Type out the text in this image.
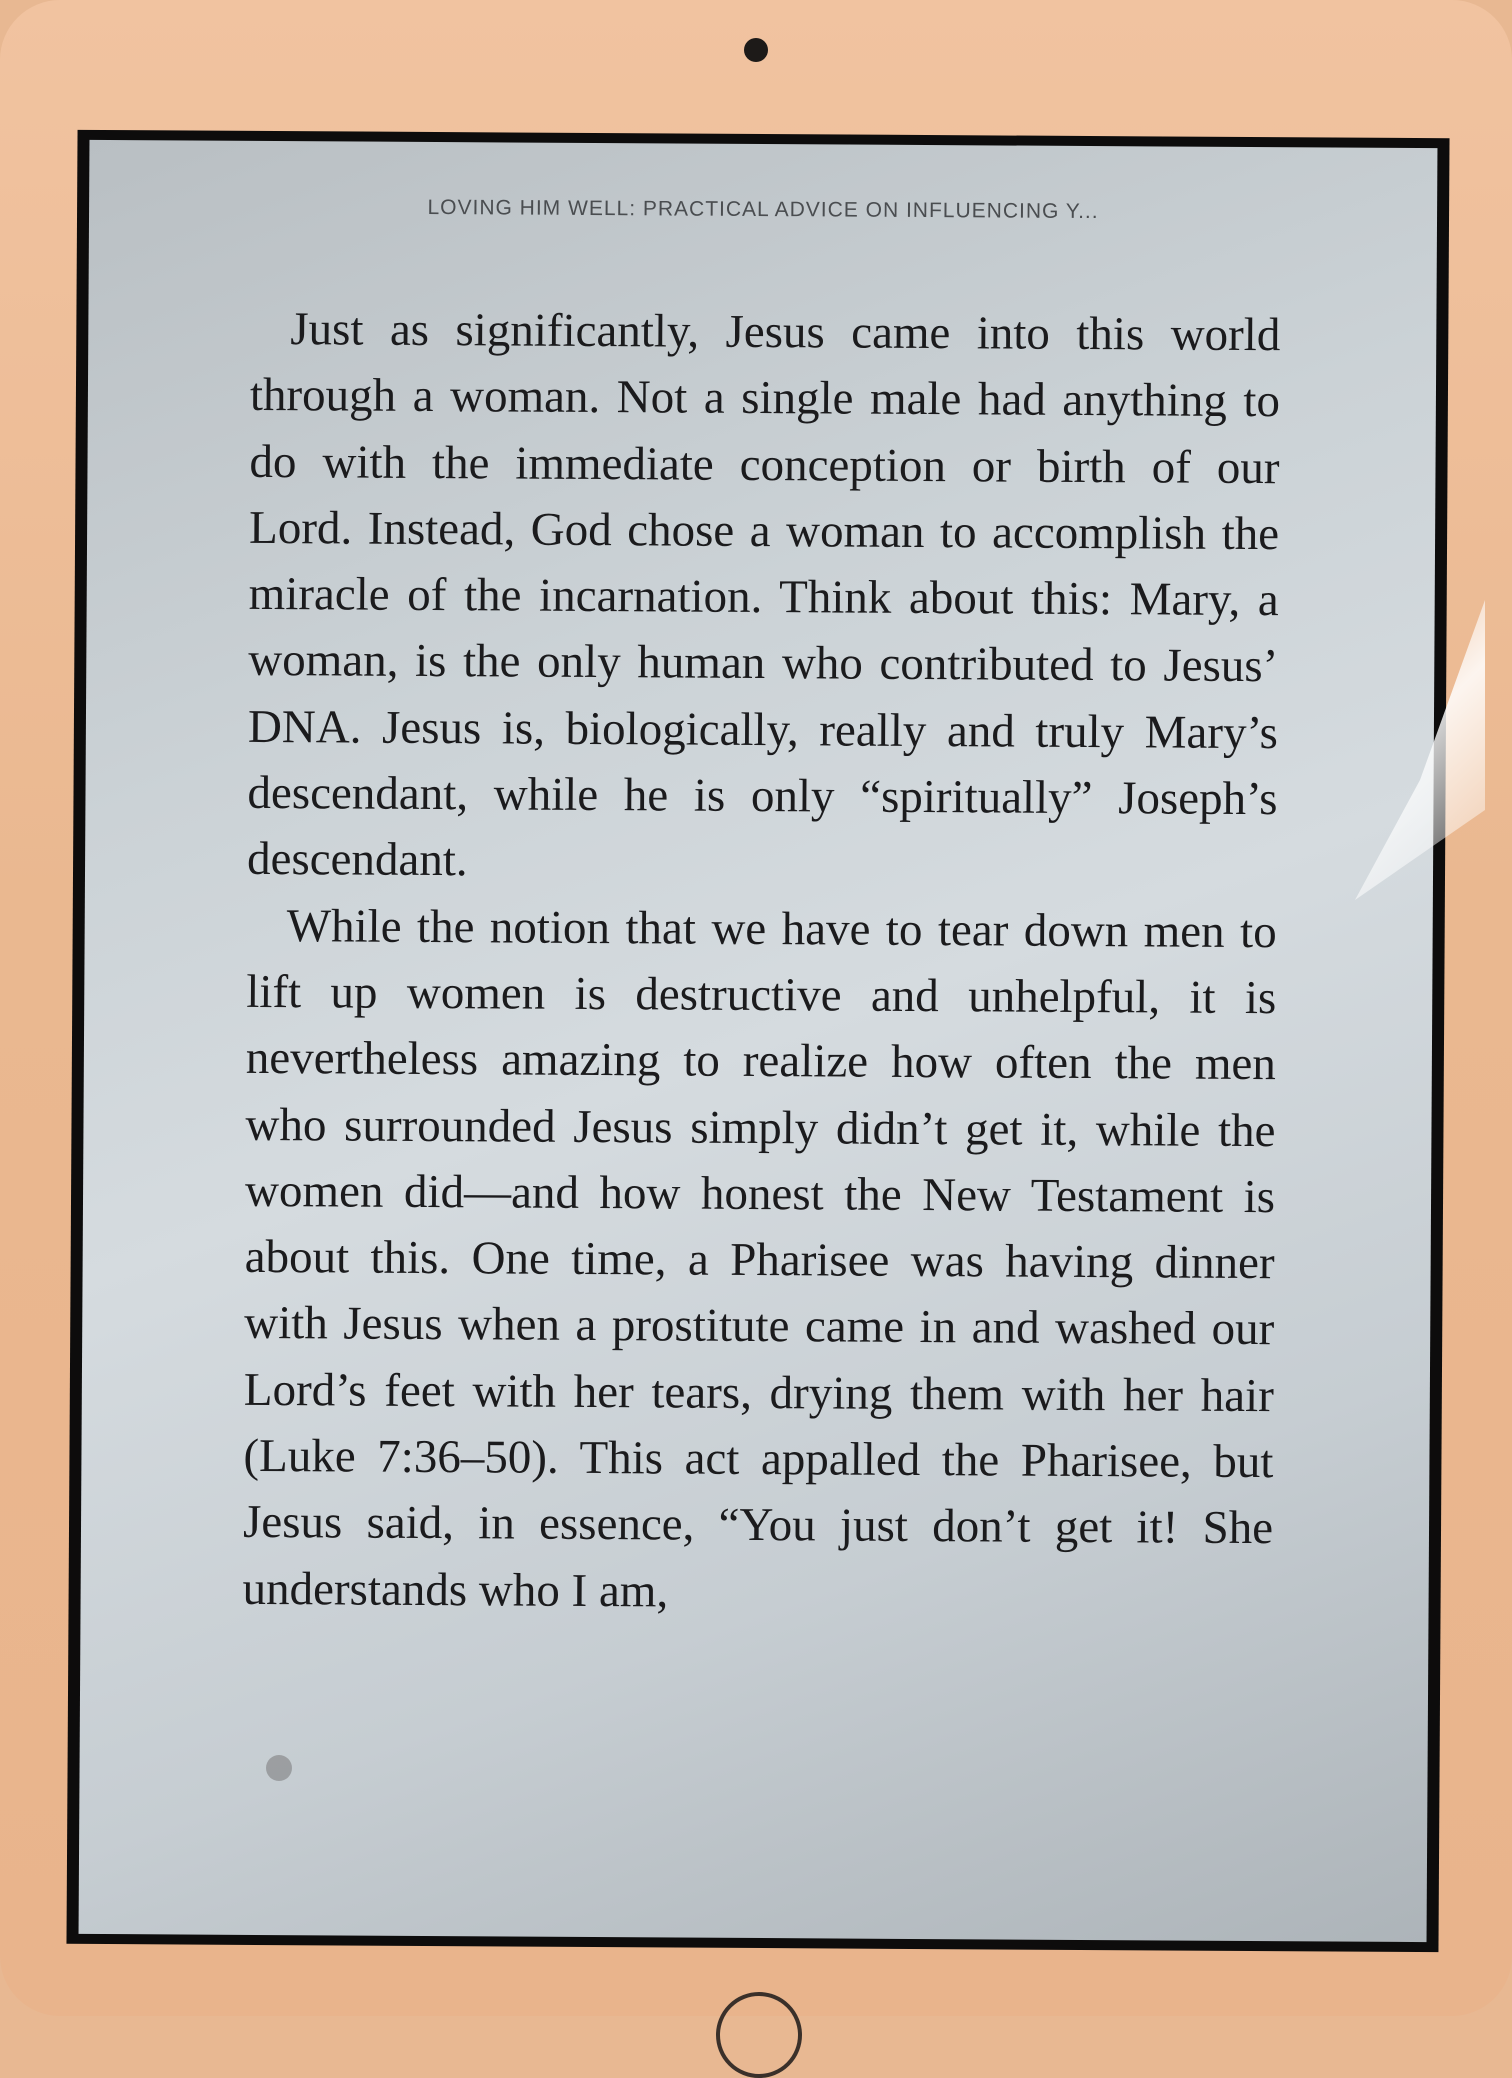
LOVING HIM WELL: PRACTICAL ADVICE ON INFLUENCING Y...

Just as significantly, Jesus came into this world through a woman. Not a single male had anything to do with the immediate conception or birth of our Lord. Instead, God chose a woman to accomplish the miracle of the incarnation. Think about this: Mary, a woman, is the only human who contributed to Jesus’ DNA. Jesus is, biologically, really and truly Mary’s descendant, while he is only “spiritually” Joseph’s descendant.

While the notion that we have to tear down men to lift up women is destructive and unhelpful, it is nevertheless amazing to realize how often the men who surrounded Jesus simply didn’t get it, while the women did—and how honest the New Testament is about this. One time, a Pharisee was having dinner with Jesus when a prostitute came in and washed our Lord’s feet with her tears, drying them with her hair (Luke 7:36–50). This act appalled the Pharisee, but Jesus said, in essence, “You just don’t get it! She understands who I am,
